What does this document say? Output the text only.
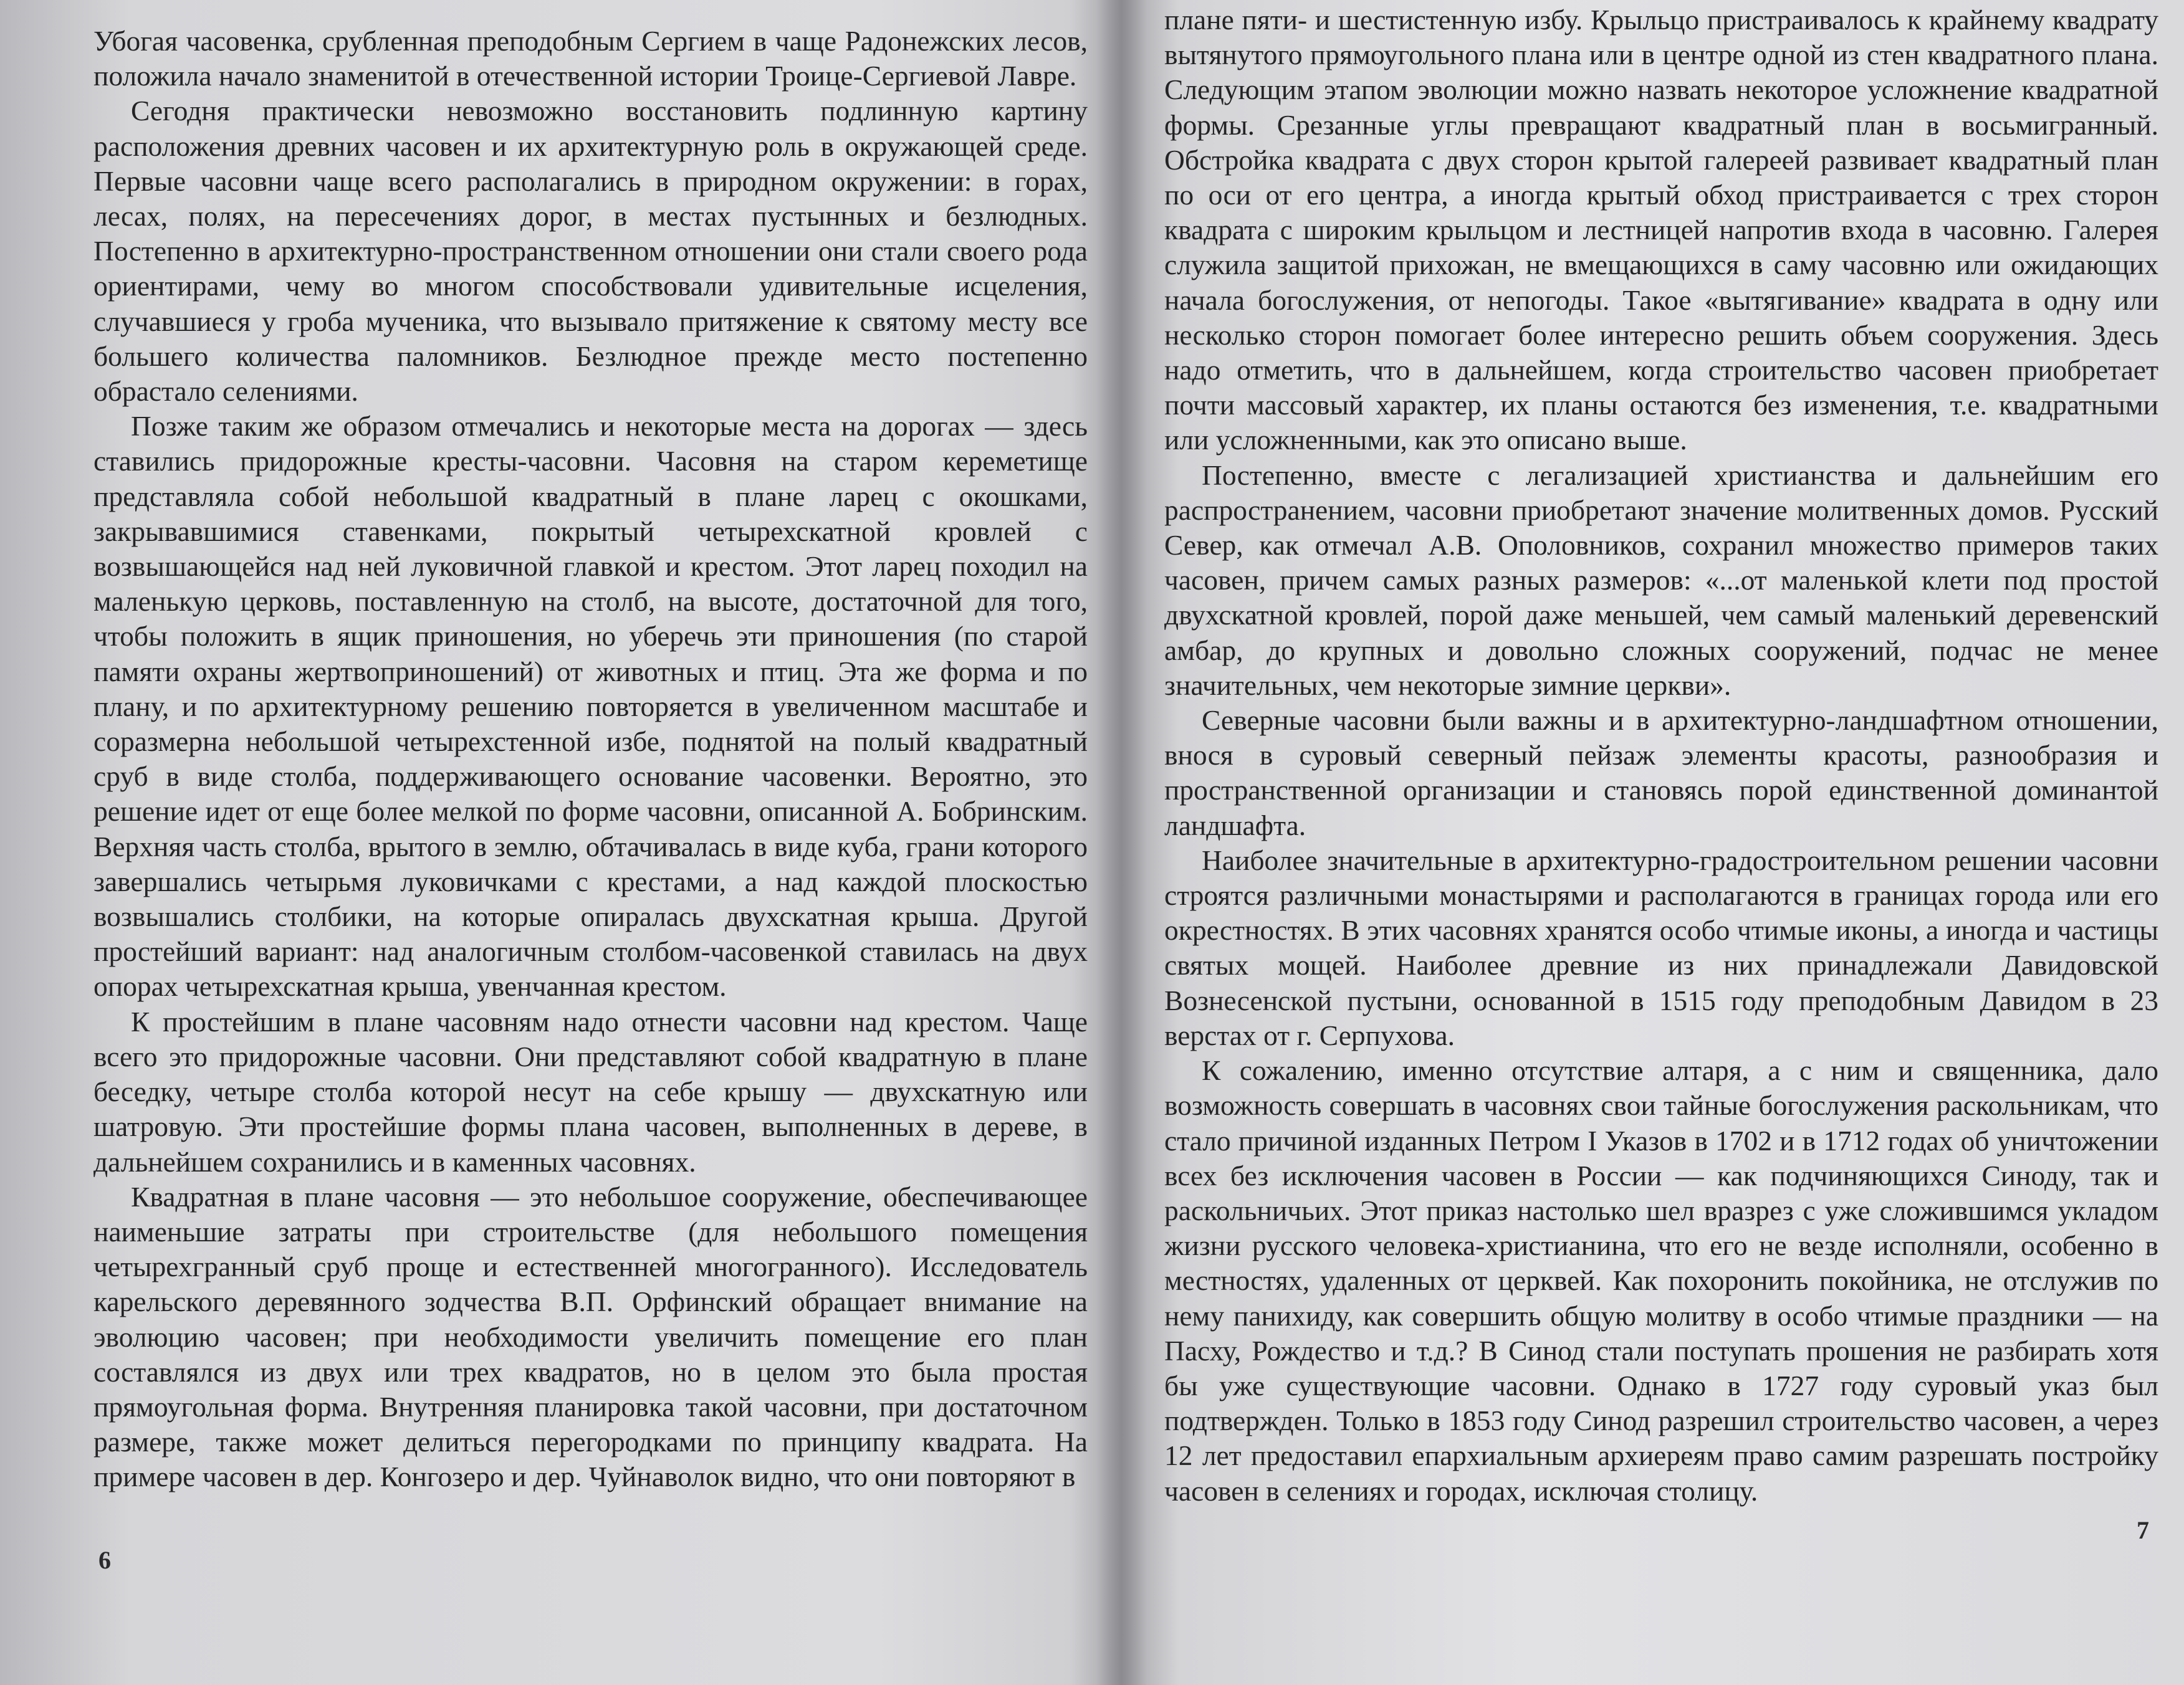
Убогая часовенка, срубленная преподобным Сергием в чаще Радонежских лесов, положила начало знаменитой в отечественной истории Троице-Сергиевой Лавре.

Сегодня практически невозможно восстановить подлинную картину расположения древних часовен и их архитектурную роль в окружающей среде. Первые часовни чаще всего располагались в природном окружении: в горах, лесах, полях, на пересечениях дорог, в местах пустынных и безлюдных. Постепенно в архитектурно-пространственном отношении они стали своего рода ориентирами, чему во многом способствовали удивительные исцеления, случавшиеся у гроба мученика, что вызывало притяжение к святому месту все большего количества паломников. Безлюдное прежде место постепенно обрастало селениями.

Позже таким же образом отмечались и некоторые места на дорогах — здесь ставились придорожные кресты-часовни. Часовня на старом кереметище представляла собой небольшой квадратный в плане ларец с окошками, закрывавшимися ставенками, покрытый четырехскатной кровлей с возвышающейся над ней луковичной главкой и крестом. Этот ларец походил на маленькую церковь, поставленную на столб, на высоте, достаточной для того, чтобы положить в ящик приношения, но уберечь эти приношения (по старой памяти охраны жертвоприношений) от животных и птиц. Эта же форма и по плану, и по архитектурному решению повторяется в увеличенном масштабе и соразмерна небольшой четырехстенной избе, поднятой на полый квадратный сруб в виде столба, поддерживающего основание часовенки. Вероятно, это решение идет от еще более мелкой по форме часовни, описанной А. Бобринским. Верхняя часть столба, врытого в землю, обтачивалась в виде куба, грани которого завершались четырьмя луковичками с крестами, а над каждой плоскостью возвышались столбики, на которые опиралась двухскатная крыша. Другой простейший вариант: над аналогичным столбом-часовенкой ставилась на двух опорах четырехскатная крыша, увенчанная крестом.

К простейшим в плане часовням надо отнести часовни над крестом. Чаще всего это придорожные часовни. Они представляют собой квадратную в плане беседку, четыре столба которой несут на себе крышу — двухскатную или шатровую. Эти простейшие формы плана часовен, выполненных в дереве, в дальнейшем сохранились и в каменных часовнях.

Квадратная в плане часовня — это небольшое сооружение, обеспечивающее наименьшие затраты при строительстве (для небольшого помещения четырехгранный сруб проще и естественней многогранного). Исследователь карельского деревянного зодчества В.П. Орфинский обращает внимание на эволюцию часовен; при необходимости увеличить помещение его план составлялся из двух или трех квадратов, но в целом это была простая прямоугольная форма. Внутренняя планировка такой часовни, при достаточном размере, также может делиться перегородками по принципу квадрата. На примере часовен в дер. Конгозеро и дер. Чуйнаволок видно, что они повторяют в

6

плане пяти- и шестистенную избу. Крыльцо пристраивалось к крайнему квадрату вытянутого прямоугольного плана или в центре одной из стен квадратного плана. Следующим этапом эволюции можно назвать некоторое усложнение квадратной формы. Срезанные углы превращают квадратный план в восьмигранный. Обстройка квадрата с двух сторон крытой галереей развивает квадратный план по оси от его центра, а иногда крытый обход пристраивается с трех сторон квадрата с широким крыльцом и лестницей напротив входа в часовню. Галерея служила защитой прихожан, не вмещающихся в саму часовню или ожидающих начала богослужения, от непогоды. Такое «вытягивание» квадрата в одну или несколько сторон помогает более интересно решить объем сооружения. Здесь надо отметить, что в дальнейшем, когда строительство часовен приобретает почти массовый характер, их планы остаются без изменения, т.е. квадратными или усложненными, как это описано выше.

Постепенно, вместе с легализацией христианства и дальнейшим его распространением, часовни приобретают значение молитвенных домов. Русский Север, как отмечал А.В. Ополовников, сохранил множество примеров таких часовен, причем самых разных размеров: «...от маленькой клети под простой двухскатной кровлей, порой даже меньшей, чем самый маленький деревенский амбар, до крупных и довольно сложных сооружений, подчас не менее значительных, чем некоторые зимние церкви».

Северные часовни были важны и в архитектурно-ландшафтном отношении, внося в суровый северный пейзаж элементы красоты, разнообразия и пространственной организации и становясь порой единственной доминантой ландшафта.

Наиболее значительные в архитектурно-градостроительном решении часовни строятся различными монастырями и располагаются в границах города или его окрестностях. В этих часовнях хранятся особо чтимые иконы, а иногда и частицы святых мощей. Наиболее древние из них принадлежали Давидовской Вознесенской пустыни, основанной в 1515 году преподобным Давидом в 23 верстах от г. Серпухова.

К сожалению, именно отсутствие алтаря, а с ним и священника, дало возможность совершать в часовнях свои тайные богослужения раскольникам, что стало причиной изданных Петром I Указов в 1702 и в 1712 годах об уничтожении всех без исключения часовен в России — как подчиняющихся Синоду, так и раскольничьих. Этот приказ настолько шел вразрез с уже сложившимся укладом жизни русского человека-христианина, что его не везде исполняли, особенно в местностях, удаленных от церквей. Как похоронить покойника, не отслужив по нему панихиду, как совершить общую молитву в особо чтимые праздники — на Пасху, Рождество и т.д.? В Синод стали поступать прошения не разбирать хотя бы уже существующие часовни. Однако в 1727 году суровый указ был подтвержден. Только в 1853 году Синод разрешил строительство часовен, а через 12 лет предоставил епархиальным архиереям право самим разрешать постройку часовен в селениях и городах, исключая столицу.

7
